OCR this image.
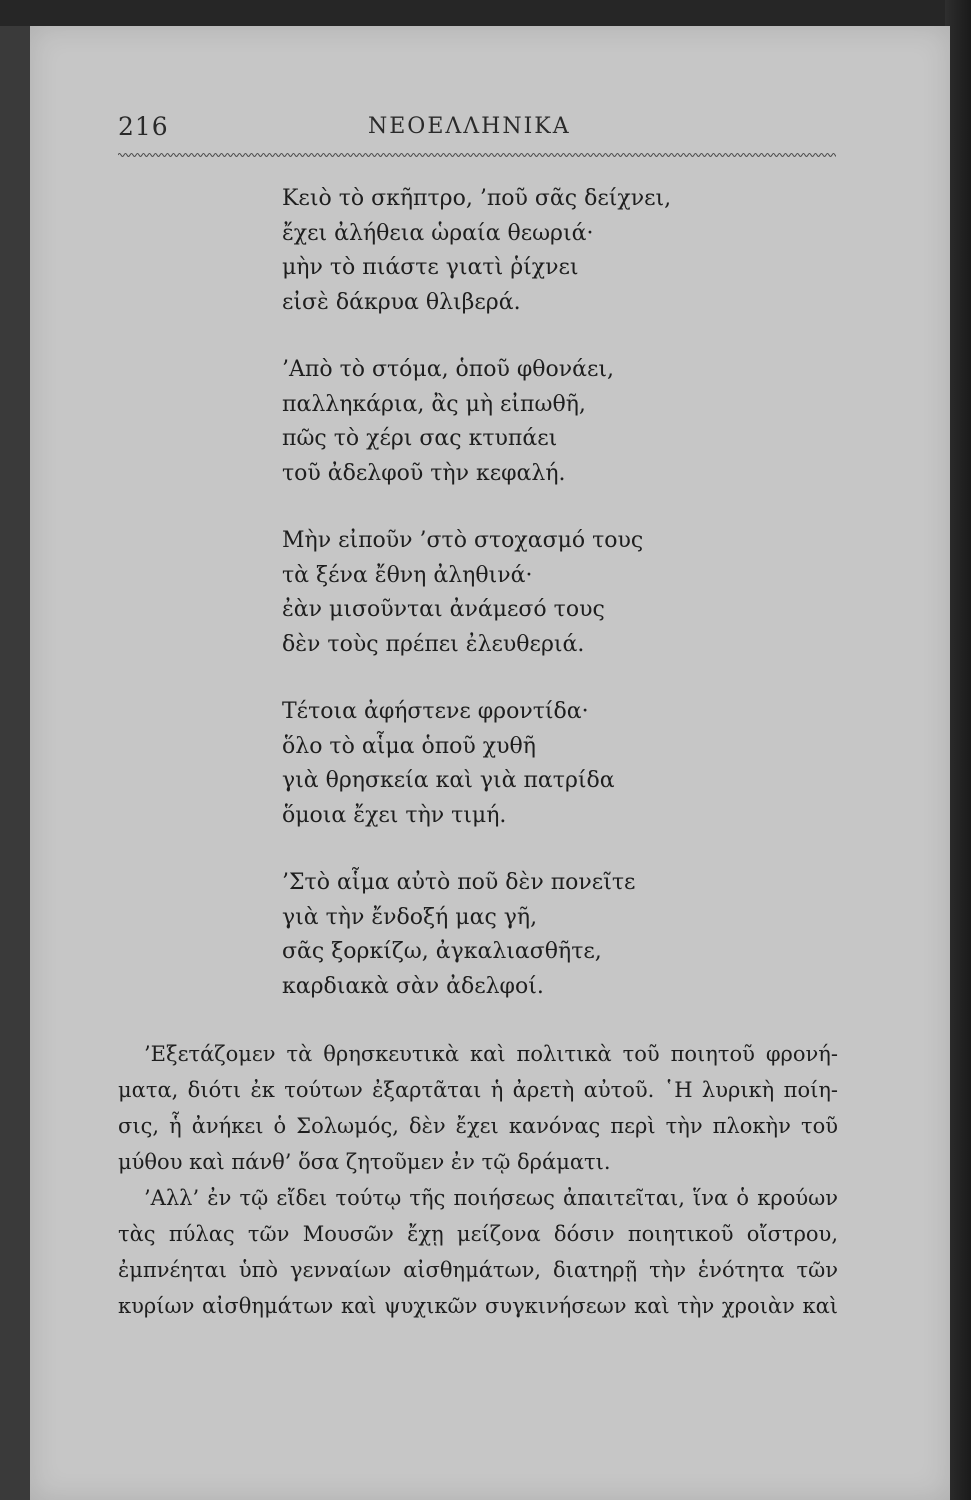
216	ΝΕΟΕΛΛΗΝΙΚΑ
Κειὸ τὸ σκῆπτρο, ’ποῦ σᾶς δείχνει,
ἔχει ἀλήθεια ὡραία θεωριά·
μὴν τὸ πιάστε γιατὶ ῥίχνει
εἰσὲ δάκρυα θλιβερά.
’Απὸ τὸ στόμα, ὁποῦ φθονάει,
παλληκάρια, ἂς μὴ εἰπωθῆ,
πῶς τὸ χέρι σας κτυπάει
τοῦ ἀδελφοῦ τὴν κεφαλή.
Μὴν εἰποῦν ’στὸ στοχασμό τους
τὰ ξένα ἔθνη ἀληθινά·
ἐὰν μισοῦνται ἀνάμεσό τους
δὲν τοὺς πρέπει ἐλευθεριά.
Τέτοια ἀφήστενε φροντίδα·
ὅλο τὸ αἷμα ὁποῦ χυθῆ
γιὰ θρησκεία καὶ γιὰ πατρίδα
ὅμοια ἔχει τὴν τιμή.
’Στὸ αἷμα αὐτὸ ποῦ δὲν πονεῖτε
γιὰ τὴν ἔνδοξή μας γῆ,
σᾶς ξορκίζω, ἀγκαλιασθῆτε,
καρδιακὰ σὰν ἀδελφοί.
’Εξετάζομεν τὰ θρησκευτικὰ καὶ πολιτικὰ τοῦ ποιητοῦ φρονή-
ματα, διότι ἐκ τούτων ἐξαρτᾶται ἡ ἀρετὴ αὐτοῦ. ῾Η λυρικὴ ποίη-
σις, ἧ ἀνήκει ὁ Σολωμός, δὲν ἔχει κανόνας περὶ τὴν πλοκὴν τοῦ
μύθου καὶ πάνθ’ ὅσα ζητοῦμεν ἐν τῷ δράματι.
’Αλλ’ ἐν τῷ εἴδει τούτῳ τῆς ποιήσεως ἀπαιτεῖται, ἵνα ὁ κρούων
τὰς πύλας τῶν Μουσῶν ἔχῃ μείζονα δόσιν ποιητικοῦ οἴστρου,
ἐμπνέηται ὑπὸ γενναίων αἰσθημάτων, διατηρῇ τὴν ἑνότητα τῶν
κυρίων αἰσθημάτων καὶ ψυχικῶν συγκινήσεων καὶ τὴν χροιὰν καὶ
